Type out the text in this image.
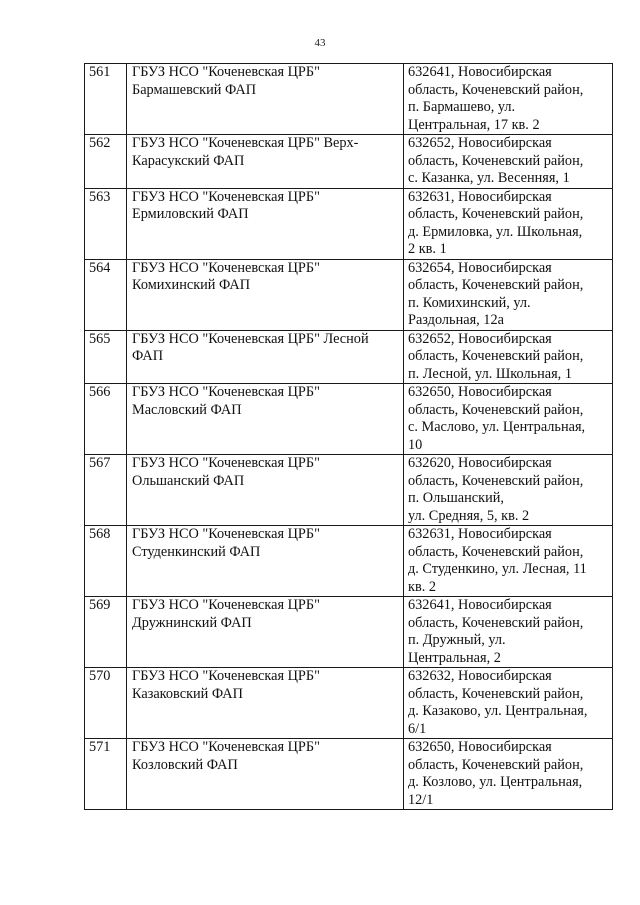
43
561	ГБУЗ НСО "Коченевская ЦРБ"
Бармашевский ФАП	632641, Новосибирская
область, Коченевский район,
п. Бармашево, ул.
Центральная, 17 кв. 2

562	ГБУЗ НСО "Коченевская ЦРБ" Верх-
Карасукский ФАП	632652, Новосибирская
область, Коченевский район,
с. Казанка, ул. Весенняя, 1

563	ГБУЗ НСО "Коченевская ЦРБ"
Ермиловский ФАП	632631, Новосибирская
область, Коченевский район,
д. Ермиловка, ул. Школьная,
2 кв. 1

564	ГБУЗ НСО "Коченевская ЦРБ"
Комихинский ФАП	632654, Новосибирская
область, Коченевский район,
п. Комихинский, ул.
Раздольная, 12а

565	ГБУЗ НСО "Коченевская ЦРБ" Лесной
ФАП	632652, Новосибирская
область, Коченевский район,
п. Лесной, ул. Школьная, 1

566	ГБУЗ НСО "Коченевская ЦРБ"
Масловский ФАП	632650, Новосибирская
область, Коченевский район,
с. Маслово, ул. Центральная,
10

567	ГБУЗ НСО "Коченевская ЦРБ"
Ольшанский ФАП	632620, Новосибирская
область, Коченевский район,
п. Ольшанский,
ул. Средняя, 5, кв. 2

568	ГБУЗ НСО "Коченевская ЦРБ"
Студенкинский ФАП	632631, Новосибирская
область, Коченевский район,
д. Студенкино, ул. Лесная, 11
кв. 2

569	ГБУЗ НСО "Коченевская ЦРБ"
Дружнинский ФАП	632641, Новосибирская
область, Коченевский район,
п. Дружный, ул.
Центральная, 2

570	ГБУЗ НСО "Коченевская ЦРБ"
Казаковский ФАП	632632, Новосибирская
область, Коченевский район,
д. Казаково, ул. Центральная,
6/1

571	ГБУЗ НСО "Коченевская ЦРБ"
Козловский ФАП	632650, Новосибирская
область, Коченевский район,
д. Козлово, ул. Центральная,
12/1
